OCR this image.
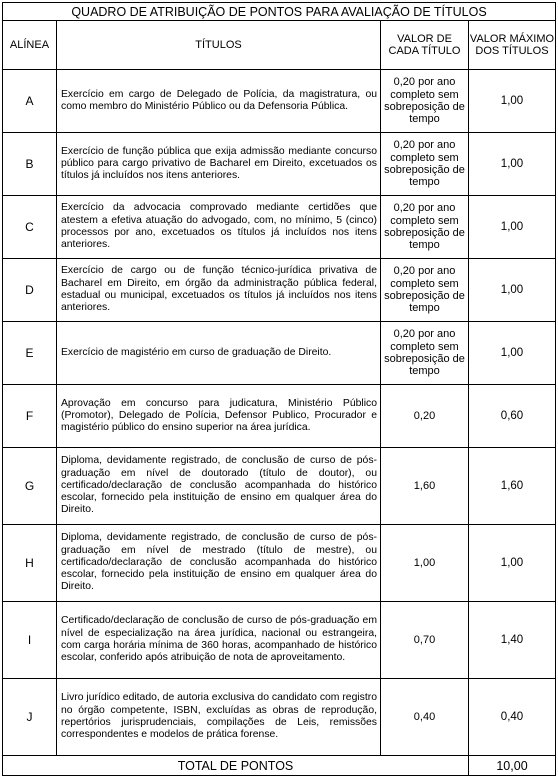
QUADRO DE ATRIBUIÇÃO DE PONTOS PARA AVALIAÇÃO DE TÍTULOS			
ALÍNEA	TÍTULOS	VALOR DE CADA TÍTULO	VALOR MÁXIMO DOS TÍTULOS
A	Exercício em cargo de Delegado de Polícia, da magistratura, ou como membro do Ministério Público ou da Defensoria Pública.	0,20 por ano completo sem sobreposição de tempo	1,00
B	Exercício de função pública que exija admissão mediante concurso público para cargo privativo de Bacharel em Direito, excetuados os títulos já incluídos nos itens anteriores.	0,20 por ano completo sem sobreposição de tempo	1,00
C	Exercício da advocacia comprovado mediante certidões que atestem a efetiva atuação do advogado, com, no mínimo, 5 (cinco) processos por ano, excetuados os títulos já incluídos nos itens anteriores.	0,20 por ano completo sem sobreposição de tempo	1,00
D	Exercício de cargo ou de função técnico-jurídica privativa de Bacharel em Direito, em órgão da administração pública federal, estadual ou municipal, excetuados os títulos já incluídos nos itens anteriores.	0,20 por ano completo sem sobreposição de tempo	1,00
E	Exercício de magistério em curso de graduação de Direito.	0,20 por ano completo sem sobreposição de tempo	1,00
F	Aprovação em concurso para judicatura, Ministério Público (Promotor), Delegado de Polícia, Defensor Publico, Procurador e magistério público do ensino superior na área jurídica.	0,20	0,60
G	Diploma, devidamente registrado, de conclusão de curso de pós-graduação em nível de doutorado (título de doutor), ou certificado/declaração de conclusão acompanhada do histórico escolar, fornecido pela instituição de ensino em qualquer área do Direito.	1,60	1,60
H	Diploma, devidamente registrado, de conclusão de curso de pós-graduação em nível de mestrado (título de mestre), ou certificado/declaração de conclusão acompanhada do histórico escolar, fornecido pela instituição de ensino em qualquer área do Direito.	1,00	1,00
I	Certificado/declaração de conclusão de curso de pós-graduação em nível de especialização na área jurídica, nacional ou estrangeira, com carga horária mínima de 360 horas, acompanhado de histórico escolar, conferido após atribuição de nota de aproveitamento.	0,70	1,40
J	Livro jurídico editado, de autoria exclusiva do candidato com registro no órgão competente, ISBN, excluídas as obras de reprodução, repertórios jurisprudenciais, compilações de Leis, remissões correspondentes e modelos de prática forense.	0,40	0,40
TOTAL DE PONTOS			10,00
